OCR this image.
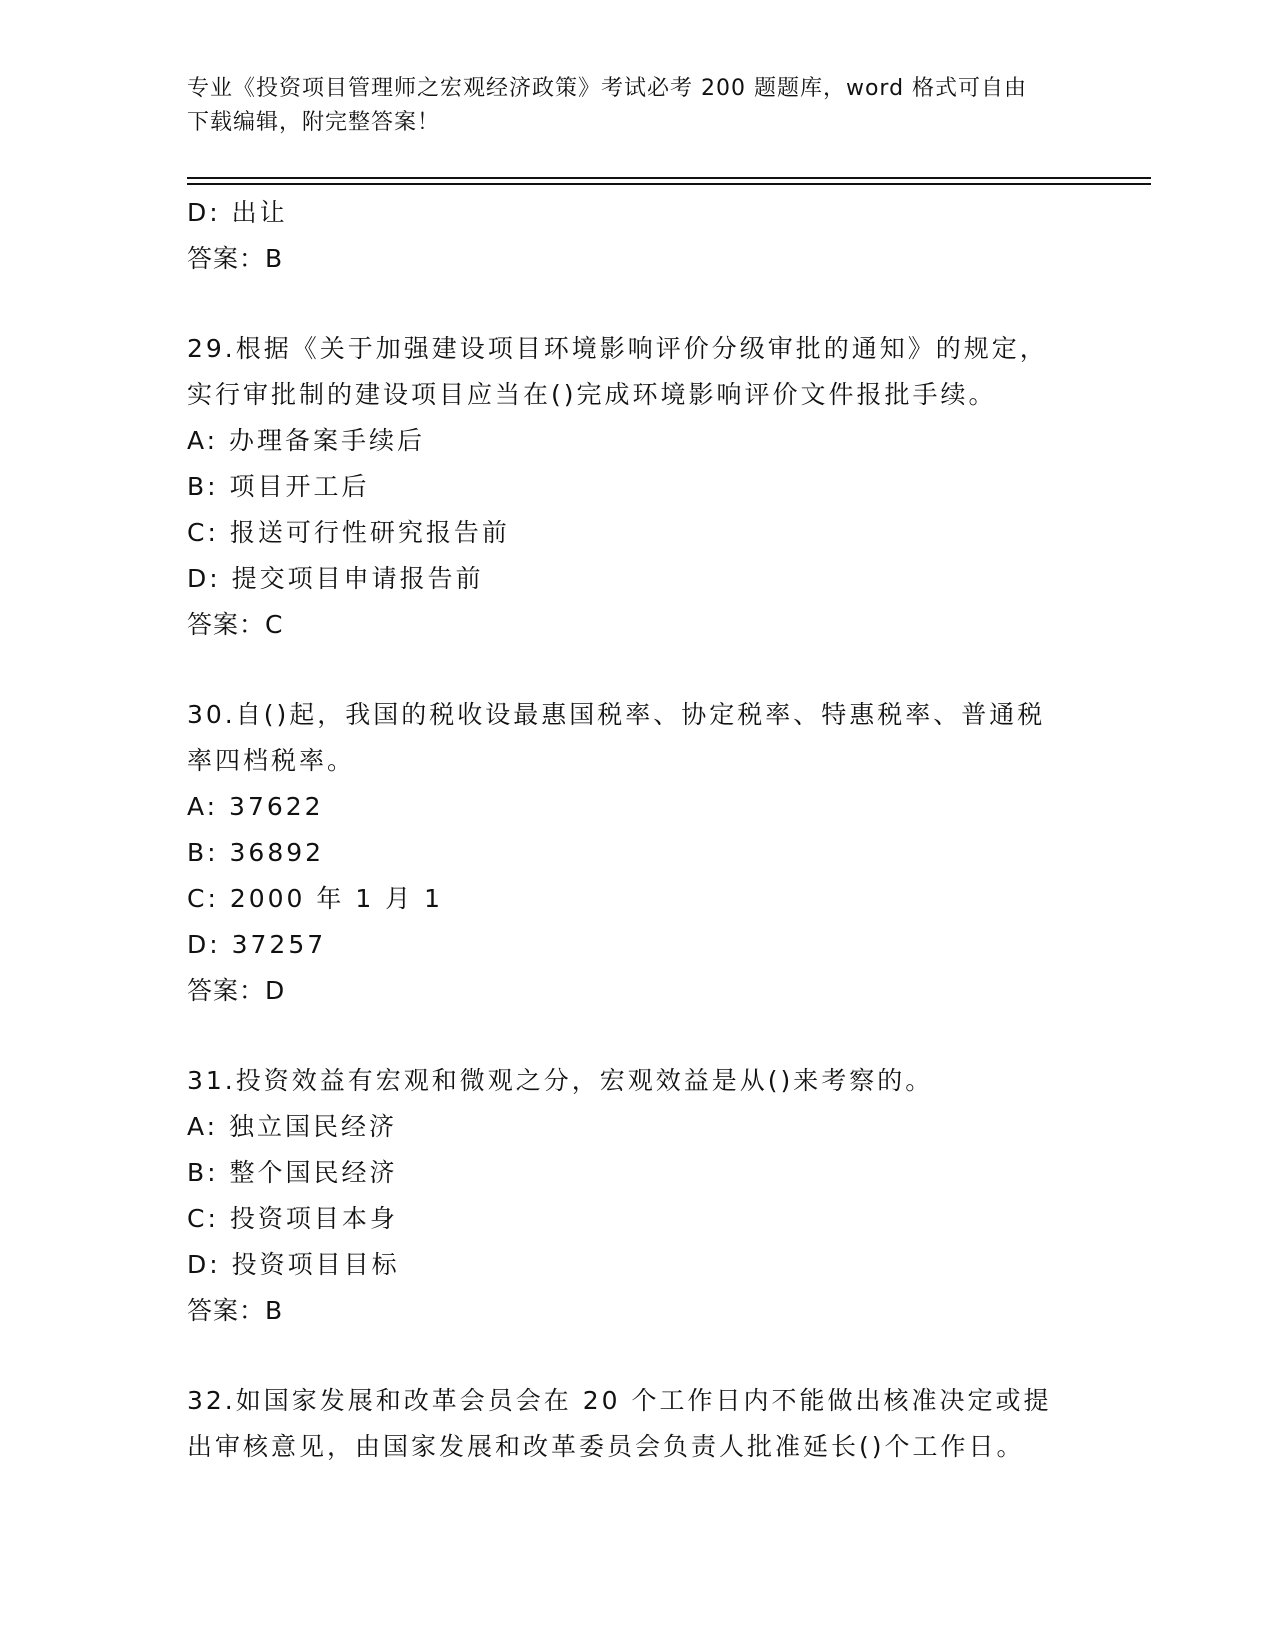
专业《投资项目管理师之宏观经济政策》考试必考 200 题题库，word 格式可自由
下载编辑，附完整答案！
D: 出让
答案：B
29.根据《关于加强建设项目环境影响评价分级审批的通知》的规定，
实行审批制的建设项目应当在()完成环境影响评价文件报批手续。
A: 办理备案手续后
B: 项目开工后
C: 报送可行性研究报告前
D: 提交项目申请报告前
答案：C
30.自()起，我国的税收设最惠国税率、协定税率、特惠税率、普通税
率四档税率。
A: 37622
B: 36892
C: 2000 年 1 月 1
D: 37257
答案：D
31.投资效益有宏观和微观之分，宏观效益是从()来考察的。
A: 独立国民经济
B: 整个国民经济
C: 投资项目本身
D: 投资项目目标
答案：B
32.如国家发展和改革会员会在 20 个工作日内不能做出核准决定或提
出审核意见，由国家发展和改革委员会负责人批准延长()个工作日。
